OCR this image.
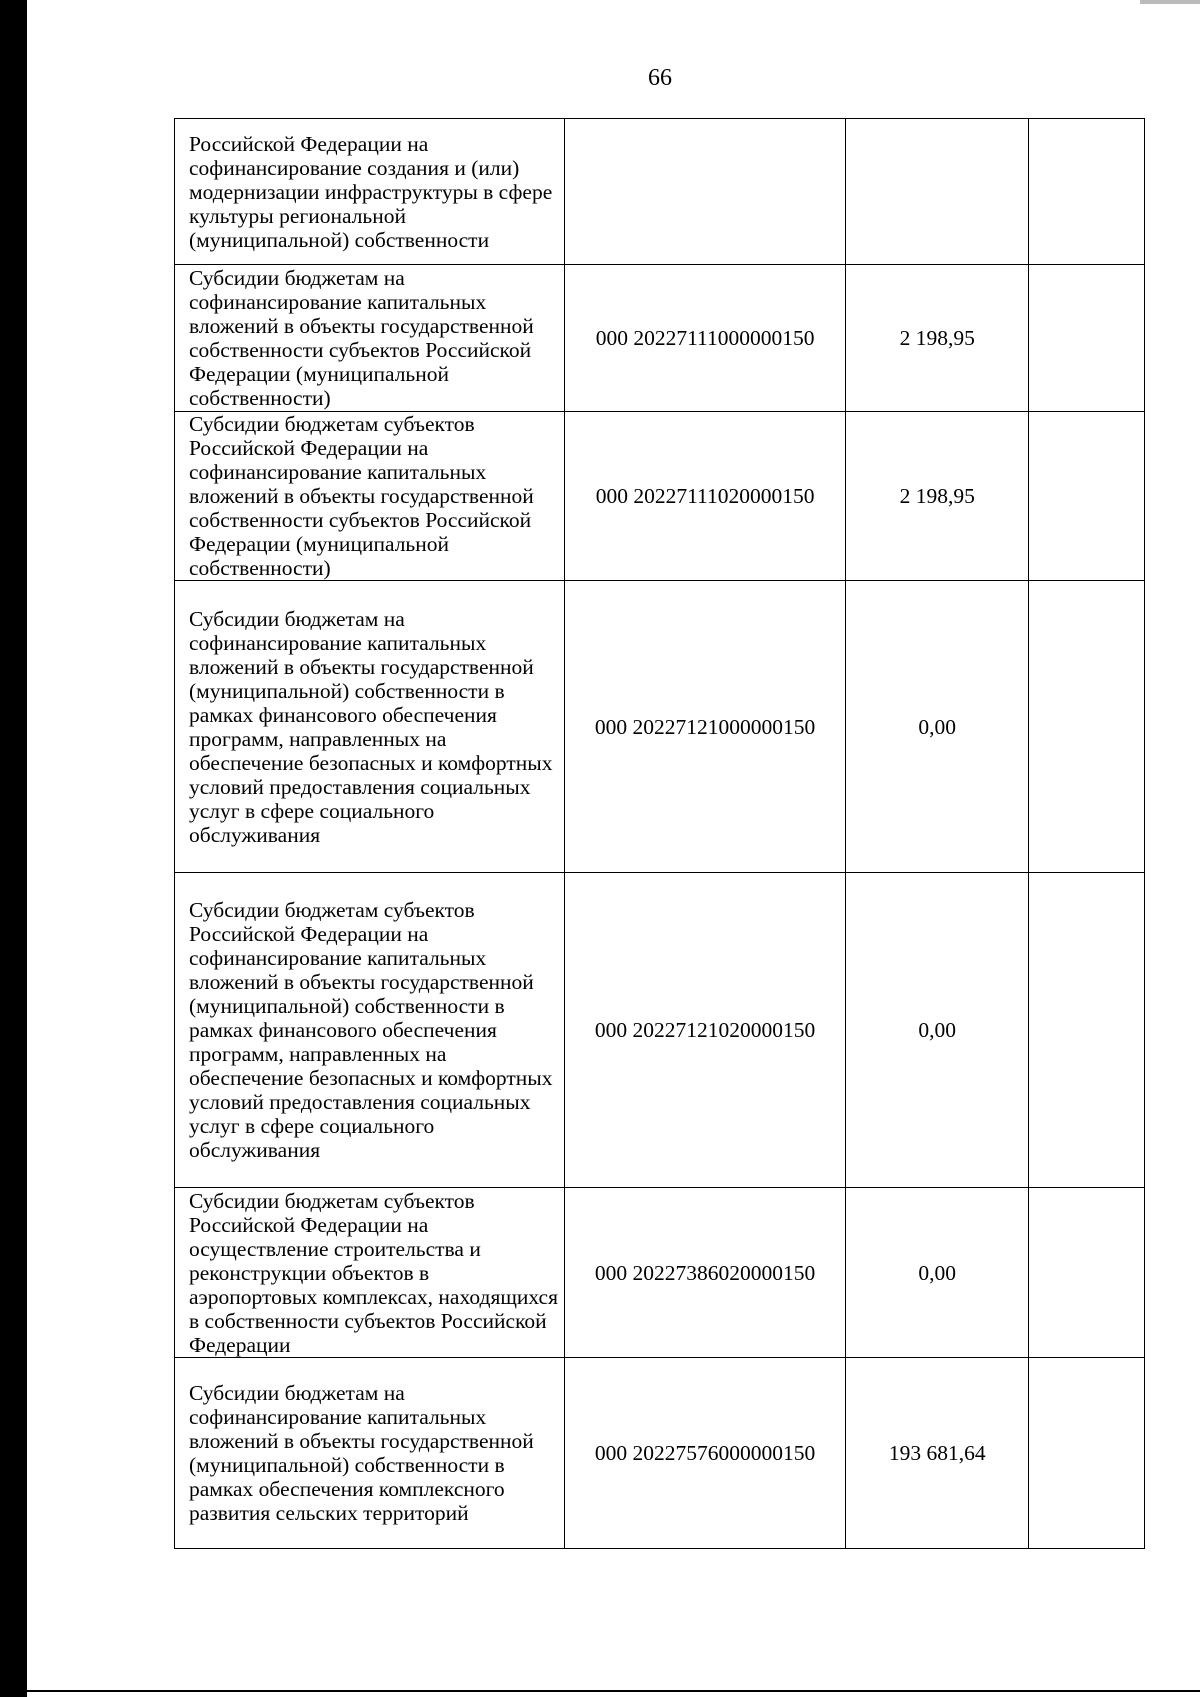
66
Российской Федерации на софинансирование создания и (или) модернизации инфраструктуры в сфере культуры региональной (муниципальной) собственности			
Субсидии бюджетам на софинансирование капитальных вложений в объекты государственной собственности субъектов Российской Федерации (муниципальной собственности)	000 20227111000000150	2 198,95	
Субсидии бюджетам субъектов Российской Федерации на софинансирование капитальных вложений в объекты государственной собственности субъектов Российской Федерации (муниципальной собственности)	000 20227111020000150	2 198,95	
Субсидии бюджетам на софинансирование капитальных вложений в объекты государственной (муниципальной) собственности в рамках финансового обеспечения программ, направленных на обеспечение безопасных и комфортных условий предоставления социальных услуг в сфере социального обслуживания	000 20227121000000150	0,00	
Субсидии бюджетам субъектов Российской Федерации на софинансирование капитальных вложений в объекты государственной (муниципальной) собственности в рамках финансового обеспечения программ, направленных на обеспечение безопасных и комфортных условий предоставления социальных услуг в сфере социального обслуживания	000 20227121020000150	0,00	
Субсидии бюджетам субъектов Российской Федерации на осуществление строительства и реконструкции объектов в аэропортовых комплексах, находящихся в собственности субъектов Российской Федерации	000 20227386020000150	0,00	
Субсидии бюджетам на софинансирование капитальных вложений в объекты государственной (муниципальной) собственности в рамках обеспечения комплексного развития сельских территорий	000 20227576000000150	193 681,64	
